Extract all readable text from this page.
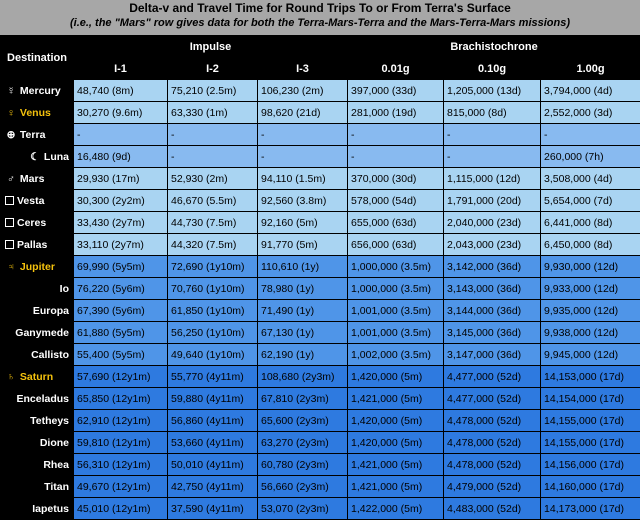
Delta-v and Travel Time for Round Trips To or From Terra's Surface
(i.e., the "Mars" row gives data for both the Terra-Mars-Terra and the Mars-Terra-Mars missions)
Destination	Impulse			Brachistochrone		
	I-1	I-2	I-3	0.01g	0.10g	1.00g
☿ Mercury	48,740 (8m)	75,210 (2.5m)	106,230 (2m)	397,000 (33d)	1,205,000 (13d)	3,794,000 (4d)
♀ Venus	30,270 (9.6m)	63,330 (1m)	98,620 (21d)	281,000 (19d)	815,000 (8d)	2,552,000 (3d)
⊕ Terra	-	-	-	-	-	-
☾ Luna	16,480 (9d)	-	-	-	-	260,000 (7h)
♂ Mars	29,930 (17m)	52,930 (2m)	94,110 (1.5m)	370,000 (30d)	1,115,000 (12d)	3,508,000 (4d)
Vesta	30,300 (2y2m)	46,670 (5.5m)	92,560 (3.8m)	578,000 (54d)	1,791,000 (20d)	5,654,000 (7d)
Ceres	33,430 (2y7m)	44,730 (7.5m)	92,160 (5m)	655,000 (63d)	2,040,000 (23d)	6,441,000 (8d)
Pallas	33,110 (2y7m)	44,320 (7.5m)	91,770 (5m)	656,000 (63d)	2,043,000 (23d)	6,450,000 (8d)
♃ Jupiter	69,990 (5y5m)	72,690 (1y10m)	110,610 (1y)	1,000,000 (3.5m)	3,142,000 (36d)	9,930,000 (12d)
Io	76,220 (5y6m)	70,760 (1y10m)	78,980 (1y)	1,000,000 (3.5m)	3,143,000 (36d)	9,933,000 (12d)
Europa	67,390 (5y6m)	61,850 (1y10m)	71,490 (1y)	1,001,000 (3.5m)	3,144,000 (36d)	9,935,000 (12d)
Ganymede	61,880 (5y5m)	56,250 (1y10m)	67,130 (1y)	1,001,000 (3.5m)	3,145,000 (36d)	9,938,000 (12d)
Callisto	55,400 (5y5m)	49,640 (1y10m)	62,190 (1y)	1,002,000 (3.5m)	3,147,000 (36d)	9,945,000 (12d)
♄ Saturn	57,690 (12y1m)	55,770 (4y11m)	108,680 (2y3m)	1,420,000 (5m)	4,477,000 (52d)	14,153,000 (17d)
Enceladus	65,850 (12y1m)	59,880 (4y11m)	67,810 (2y3m)	1,421,000 (5m)	4,477,000 (52d)	14,154,000 (17d)
Tetheys	62,910 (12y1m)	56,860 (4y11m)	65,600 (2y3m)	1,420,000 (5m)	4,478,000 (52d)	14,155,000 (17d)
Dione	59,810 (12y1m)	53,660 (4y11m)	63,270 (2y3m)	1,420,000 (5m)	4,478,000 (52d)	14,155,000 (17d)
Rhea	56,310 (12y1m)	50,010 (4y11m)	60,780 (2y3m)	1,421,000 (5m)	4,478,000 (52d)	14,156,000 (17d)
Titan	49,670 (12y1m)	42,750 (4y11m)	56,660 (2y3m)	1,421,000 (5m)	4,479,000 (52d)	14,160,000 (17d)
Iapetus	45,010 (12y1m)	37,590 (4y11m)	53,070 (2y3m)	1,422,000 (5m)	4,483,000 (52d)	14,173,000 (17d)
